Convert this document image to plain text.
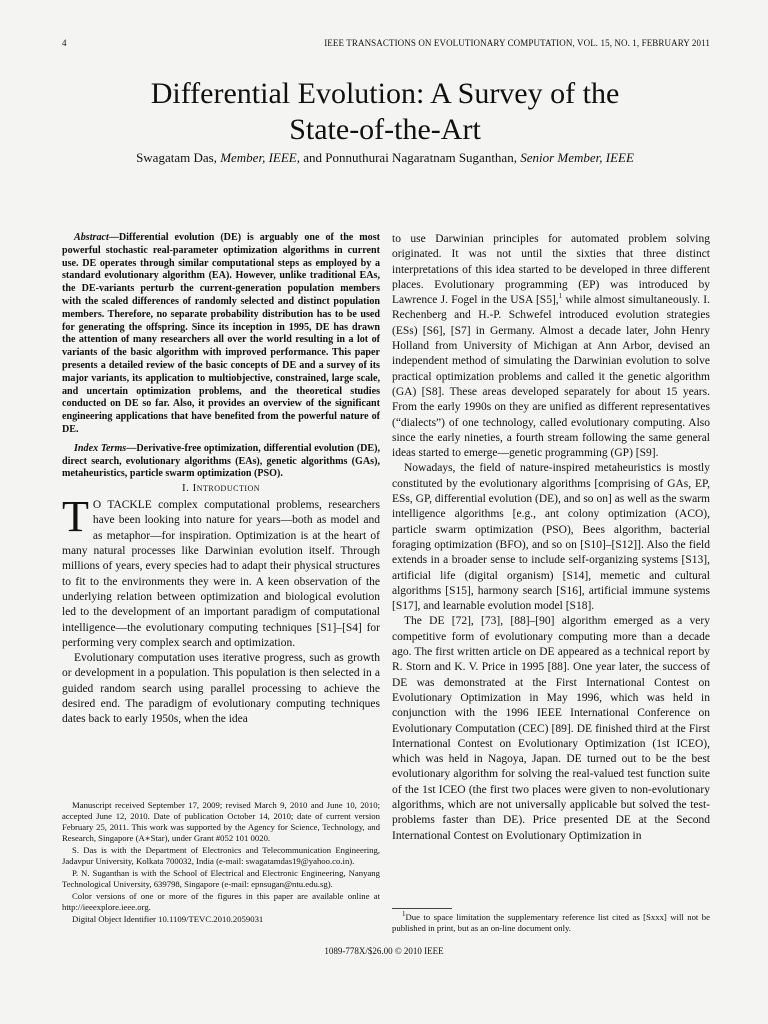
4	IEEE TRANSACTIONS ON EVOLUTIONARY COMPUTATION, VOL. 15, NO. 1, FEBRUARY 2011
Differential Evolution: A Survey of the
State-of-the-Art
Swagatam Das, Member, IEEE, and Ponnuthurai Nagaratnam Suganthan, Senior Member, IEEE

Abstract—Differential evolution (DE) is arguably one of the most powerful stochastic real-parameter optimization algorithms in current use. DE operates through similar computational steps as employed by a standard evolutionary algorithm (EA). However, unlike traditional EAs, the DE-variants perturb the current-generation population members with the scaled differences of randomly selected and distinct population members. Therefore, no separate probability distribution has to be used for generating the offspring. Since its inception in 1995, DE has drawn the attention of many researchers all over the world resulting in a lot of variants of the basic algorithm with improved performance. This paper presents a detailed review of the basic concepts of DE and a survey of its major variants, its application to multiobjective, constrained, large scale, and uncertain optimization problems, and the theoretical studies conducted on DE so far. Also, it provides an overview of the significant engineering applications that have benefited from the powerful nature of DE.

Index Terms—Derivative-free optimization, differential evolution (DE), direct search, evolutionary algorithms (EAs), genetic algorithms (GAs), metaheuristics, particle swarm optimization (PSO).

I. Introduction

T O TACKLE complex computational problems, researchers have been looking into nature for years—both as model and as metaphor—for inspiration. Optimization is at the heart of many natural processes like Darwinian evolution itself. Through millions of years, every species had to adapt their physical structures to fit to the environments they were in. A keen observation of the underlying relation between optimization and biological evolution led to the development of an important paradigm of computational intelligence—the evolutionary computing techniques [S1]–[S4] for performing very complex search and optimization.

Evolutionary computation uses iterative progress, such as growth or development in a population. This population is then selected in a guided random search using parallel processing to achieve the desired end. The paradigm of evolutionary computing techniques dates back to early 1950s, when the idea

to use Darwinian principles for automated problem solving originated. It was not until the sixties that three distinct interpretations of this idea started to be developed in three different places. Evolutionary programming (EP) was introduced by Lawrence J. Fogel in the USA [S5],$^1$ while almost simultaneously. I. Rechenberg and H.-P. Schwefel introduced evolution strategies (ESs) [S6], [S7] in Germany. Almost a decade later, John Henry Holland from University of Michigan at Ann Arbor, devised an independent method of simulating the Darwinian evolution to solve practical optimization problems and called it the genetic algorithm (GA) [S8]. These areas developed separately for about 15 years. From the early 1990s on they are unified as different representatives (“dialects”) of one technology, called evolutionary computing. Also since the early nineties, a fourth stream following the same general ideas started to emerge—genetic programming (GP) [S9].

Nowadays, the field of nature-inspired metaheuristics is mostly constituted by the evolutionary algorithms [comprising of GAs, EP, ESs, GP, differential evolution (DE), and so on] as well as the swarm intelligence algorithms [e.g., ant colony optimization (ACO), particle swarm optimization (PSO), Bees algorithm, bacterial foraging optimization (BFO), and so on [S10]–[S12]]. Also the field extends in a broader sense to include self-organizing systems [S13], artificial life (digital organism) [S14], memetic and cultural algorithms [S15], harmony search [S16], artificial immune systems [S17], and learnable evolution model [S18].

The DE [72], [73], [88]–[90] algorithm emerged as a very competitive form of evolutionary computing more than a decade ago. The first written article on DE appeared as a technical report by R. Storn and K. V. Price in 1995 [88]. One year later, the success of DE was demonstrated at the First International Contest on Evolutionary Optimization in May 1996, which was held in conjunction with the 1996 IEEE International Conference on Evolutionary Computation (CEC) [89]. DE finished third at the First International Contest on Evolutionary Optimization (1st ICEO), which was held in Nagoya, Japan. DE turned out to be the best evolutionary algorithm for solving the real-valued test function suite of the 1st ICEO (the first two places were given to non-evolutionary algorithms, which are not universally applicable but solved the test-problems faster than DE). Price presented DE at the Second International Contest on Evolutionary Optimization in

Manuscript received September 17, 2009; revised March 9, 2010 and June 10, 2010; accepted June 12, 2010. Date of publication October 14, 2010; date of current version February 25, 2011. This work was supported by the Agency for Science, Technology, and Research, Singapore (A∗Star), under Grant #052 101 0020.

S. Das is with the Department of Electronics and Telecommunication Engineering, Jadavpur University, Kolkata 700032, India (e-mail: swagatamdas19@yahoo.co.in).

P. N. Suganthan is with the School of Electrical and Electronic Engineering, Nanyang Technological University, 639798, Singapore (e-mail: epnsugan@ntu.edu.sg).

Color versions of one or more of the figures in this paper are available online at http://ieeexplore.ieee.org.

Digital Object Identifier 10.1109/TEVC.2010.2059031	$^1$Due to space limitation the supplementary reference list cited as [Sxxx] will not be published in print, but as an on-line document only.

1089-778X/$26.00 © 2010 IEEE
